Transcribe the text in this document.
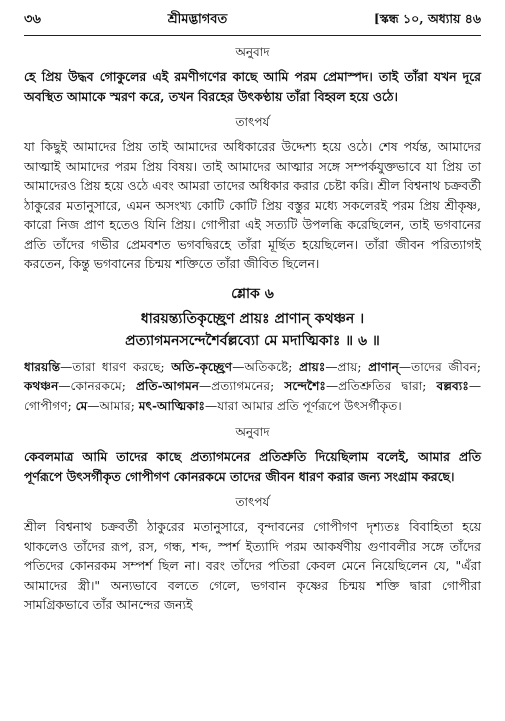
৩৬	শ্রীমদ্ভাগবত	[স্কন্ধ ১০, অধ্যায় ৪৬
অনুবাদ

হে প্রিয় উদ্ধব গোকুলের এই রমণীগণের কাছে আমি পরম প্রেমাস্পদ। তাই তাঁরা যখন দূরে অবস্থিত আমাকে স্মরণ করে, তখন বিরহের উৎকণ্ঠায় তাঁরা বিহ্বল হয়ে ওঠে।

তাৎপর্য

যা কিছুই আমাদের প্রিয় তাই আমাদের অধিকারের উদ্দেশ্য হয়ে ওঠে। শেষ পর্যন্ত, আমাদের আত্মাই আমাদের পরম প্রিয় বিষয়। তাই আমাদের আত্মার সঙ্গে সম্পর্কযুক্তভাবে যা প্রিয় তা আমাদেরও প্রিয় হয়ে ওঠে এবং আমরা তাদের অধিকার করার চেষ্টা করি। শ্রীল বিশ্বনাথ চক্রবর্তী ঠাকুরের মতানুসারে, এমন অসংখ্য কোটি কোটি প্রিয় বস্তুর মধ্যে সকলেরই পরম প্রিয় শ্রীকৃষ্ণ, কারো নিজ প্রাণ হতেও যিনি প্রিয়। গোপীরা এই সত্যটি উপলব্ধি করেছিলেন, তাই ভগবানের প্রতি তাঁদের গভীর প্রেমবশত ভগবদ্বিরহে তাঁরা মূর্ছিত হয়েছিলেন। তাঁরা জীবন পরিত্যাগই করতেন, কিন্তু ভগবানের চিন্ময় শক্তিতে তাঁরা জীবিত ছিলেন।

শ্লোক ৬

ধারয়ন্ত্যতিকৃচ্ছ্রেণ প্রায়ঃ প্রাণান্ কথঞ্চন ।

প্রত্যাগমনসন্দেশৈর্বল্লব্যো মে মদাত্মিকাঃ ॥ ৬ ॥

ধারয়ন্তি—তারা ধারণ করছে; অতি-কৃচ্ছ্রেণ—অতিকষ্টে; প্রায়ঃ—প্রায়; প্রাণান্—তাদের জীবন; কথঞ্চন—কোনরকমে; প্রতি-আগমন—প্রত্যাগমনের; সন্দেশৈঃ—প্রতিশ্রুতির দ্বারা; বল্লব্যঃ—গোপীগণ; মে—আমার; মৎ-আত্মিকাঃ—যারা আমার প্রতি পূর্ণরূপে উৎসর্গীকৃত।

অনুবাদ

কেবলমাত্র আমি তাদের কাছে প্রত্যাগমনের প্রতিশ্রুতি দিয়েছিলাম বলেই, আমার প্রতি পূর্ণরূপে উৎসর্গীকৃত গোপীগণ কোনরকমে তাদের জীবন ধারণ করার জন্য সংগ্রাম করছে।

তাৎপর্য

শ্রীল বিশ্বনাথ চক্রবর্তী ঠাকুরের মতানুসারে, বৃন্দাবনের গোপীগণ দৃশ্যতঃ বিবাহিতা হয়ে থাকলেও তাঁদের রূপ, রস, গন্ধ, শব্দ, স্পর্শ ইত্যাদি পরম আকর্ষণীয় গুণাবলীর সঙ্গে তাঁদের পতিদের কোনরকম সম্পর্শ ছিল না। বরং তাঁদের পতিরা কেবল মেনে নিয়েছিলেন যে, "এঁরা আমাদের স্ত্রী।" অন্যভাবে বলতে গেলে, ভগবান কৃষ্ণের চিন্ময় শক্তি দ্বারা গোপীরা সামগ্রিকভাবে তাঁর আনন্দের জন্যই
